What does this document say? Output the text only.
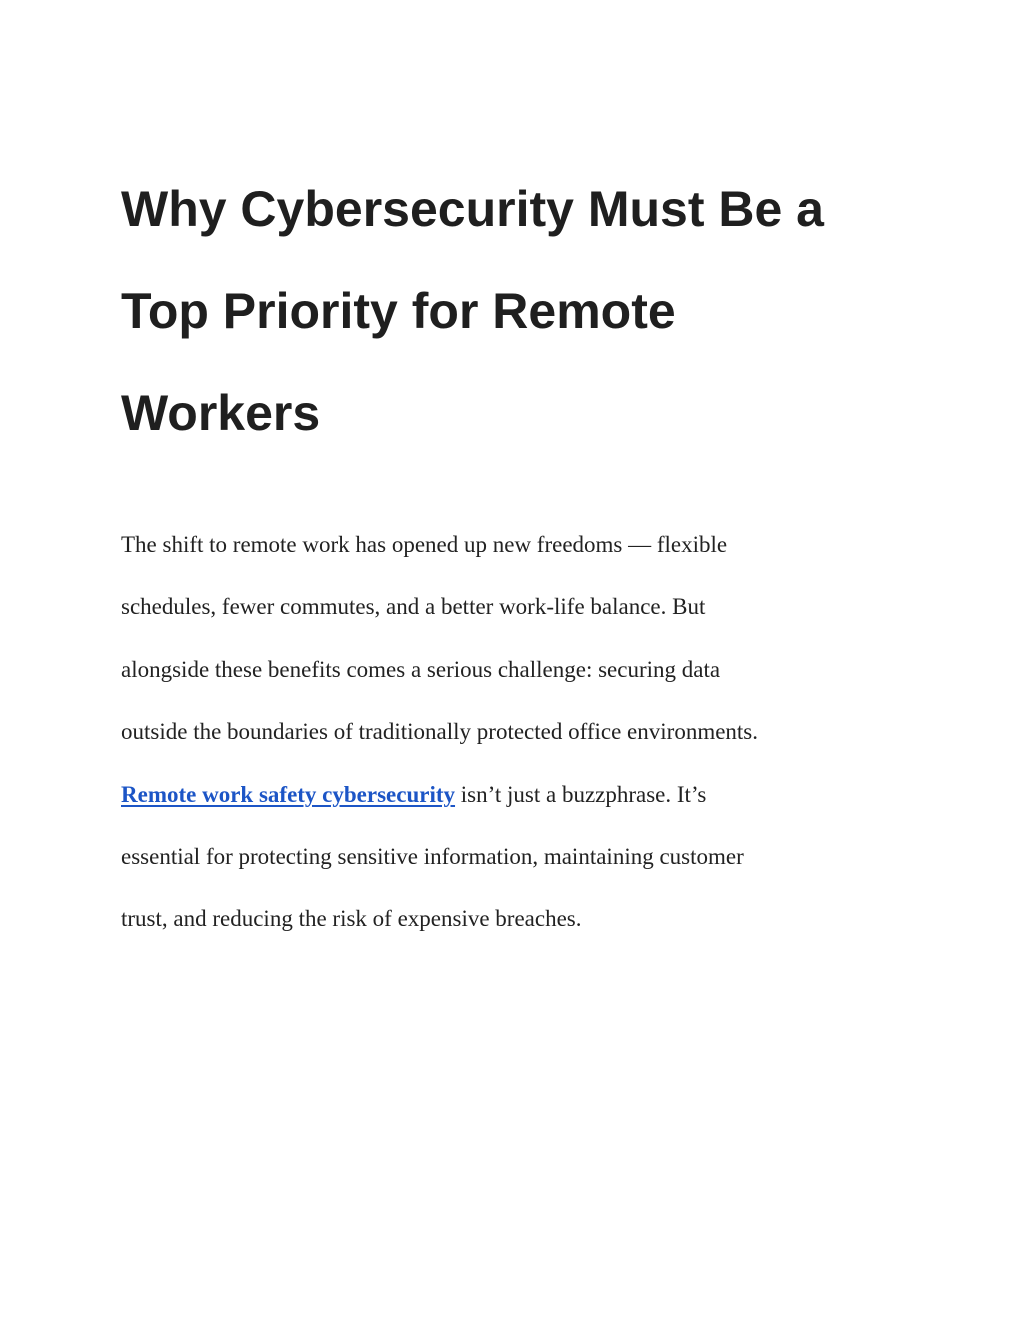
Why Cybersecurity Must Be a
Top Priority for Remote
Workers

The shift to remote work has opened up new freedoms — flexible
schedules, fewer commutes, and a better work-life balance. But
alongside these benefits comes a serious challenge: securing data
outside the boundaries of traditionally protected office environments.
Remote work safety cybersecurity isn’t just a buzzphrase. It’s
essential for protecting sensitive information, maintaining customer
trust, and reducing the risk of expensive breaches.
